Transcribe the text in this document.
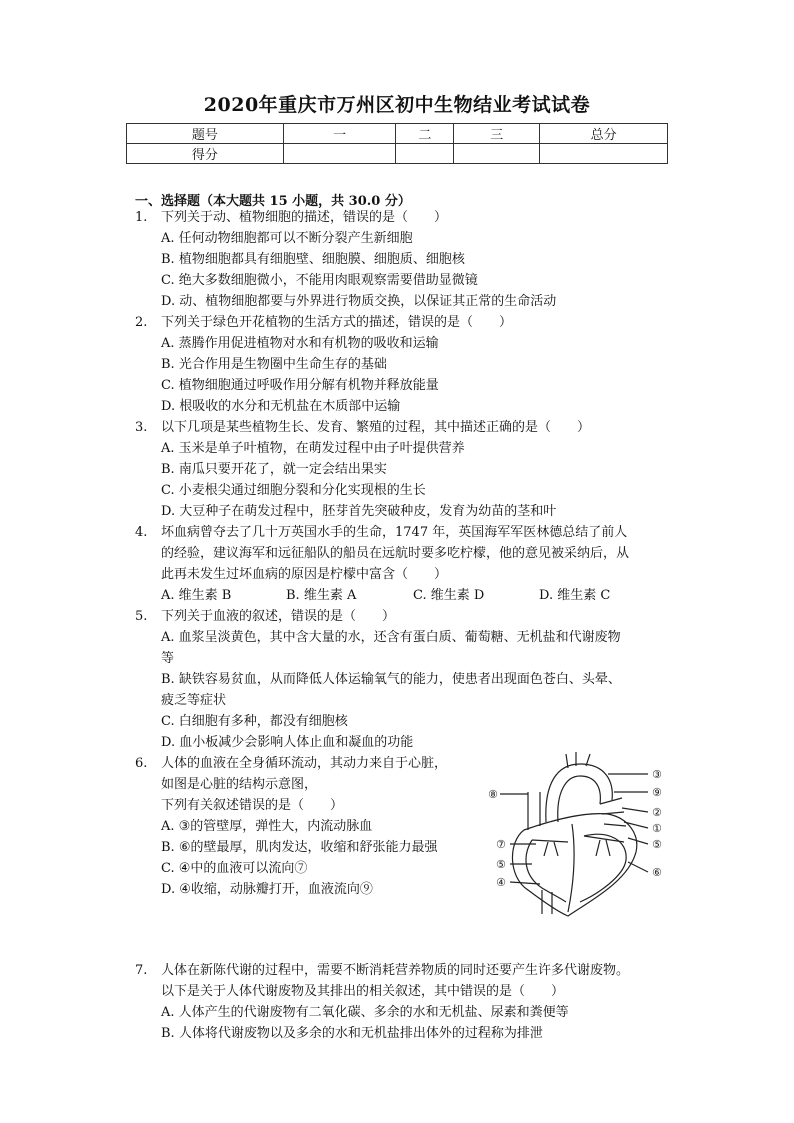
2020年重庆市万州区初中生物结业考试试卷
题号	一	二	三	总分
得分				
一、选择题（本大题共 15 小题，共 30.0 分）
1.	下列关于动、植物细胞的描述，错误的是（　　）
A. 任何动物细胞都可以不断分裂产生新细胞
B. 植物细胞都具有细胞壁、细胞膜、细胞质、细胞核
C. 绝大多数细胞微小，不能用肉眼观察需要借助显微镜
D. 动、植物细胞都要与外界进行物质交换，以保证其正常的生命活动
2.	下列关于绿色开花植物的生活方式的描述，错误的是（　　）
A. 蒸腾作用促进植物对水和有机物的吸收和运输
B. 光合作用是生物圈中生命生存的基础
C. 植物细胞通过呼吸作用分解有机物并释放能量
D. 根吸收的水分和无机盐在木质部中运输
3.	以下几项是某些植物生长、发育、繁殖的过程，其中描述正确的是（　　）
A. 玉米是单子叶植物，在萌发过程中由子叶提供营养
B. 南瓜只要开花了，就一定会结出果实
C. 小麦根尖通过细胞分裂和分化实现根的生长
D. 大豆种子在萌发过程中，胚芽首先突破种皮，发育为幼苗的茎和叶
4.	坏血病曾夺去了几十万英国水手的生命，1747 年，英国海军军医林德总结了前人
的经验，建议海军和远征船队的船员在远航时要多吃柠檬，他的意见被采纳后，从
此再未发生过坏血病的原因是柠檬中富含（　　）
A. 维生素 B	B. 维生素 A	C. 维生素 D	D. 维生素 C
5.	下列关于血液的叙述，错误的是（　　）
A. 血浆呈淡黄色，其中含大量的水，还含有蛋白质、葡萄糖、无机盐和代谢废物
等
B. 缺铁容易贫血，从而降低人体运输氧气的能力，使患者出现面色苍白、头晕、
疲乏等症状
C. 白细胞有多种，都没有细胞核
D. 血小板减少会影响人体止血和凝血的功能
6.	人体的血液在全身循环流动，其动力来自于心脏，
如图是心脏的结构示意图，
下列有关叙述错误的是（　　）
A. ③的管壁厚，弹性大，内流动脉血
B. ⑥的壁最厚，肌肉发达，收缩和舒张能力最强
C. ④中的血液可以流向⑦
D. ④收缩，动脉瓣打开，血液流向⑨
③
⑨
②
①
⑤
⑥
⑧
⑦
⑤
④
7.	人体在新陈代谢的过程中，需要不断消耗营养物质的同时还要产生许多代谢废物。
以下是关于人体代谢废物及其排出的相关叙述，其中错误的是（　　）
A. 人体产生的代谢废物有二氧化碳、多余的水和无机盐、尿素和粪便等
B. 人体将代谢废物以及多余的水和无机盐排出体外的过程称为排泄
